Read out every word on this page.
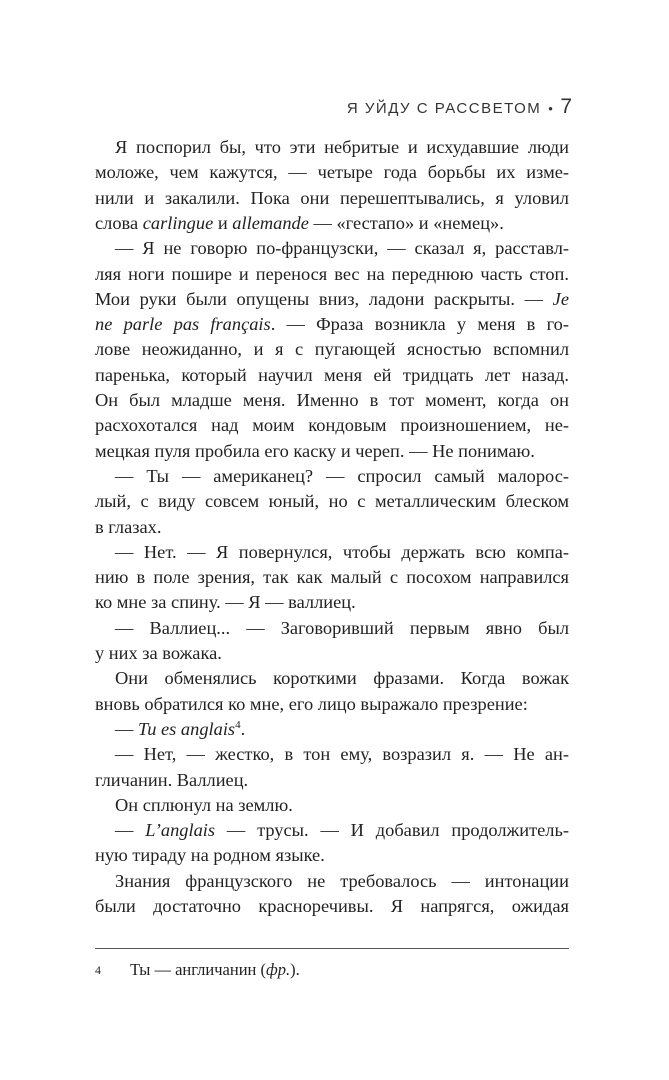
Я УЙДУ С РАССВЕТОМ • 7
Я поспорил бы, что эти небритые и исхудавшие люди
моложе, чем кажутся, — четыре года борьбы их изме-
нили и закалили. Пока они перешептывались, я уловил
слова carlingue и allemande — «гестапо» и «немец».
— Я не говорю по-французски, — сказал я, расставл-
ляя ноги пошире и перенося вес на переднюю часть стоп.
Мои руки были опущены вниз, ладони раскрыты. — Je
ne parle pas français. — Фраза возникла у меня в го-
лове неожиданно, и я с пугающей ясностью вспомнил
паренька, который научил меня ей тридцать лет назад.
Он был младше меня. Именно в тот момент, когда он
расхохотался над моим кондовым произношением, не-
мецкая пуля пробила его каску и череп. — Не понимаю.
— Ты — американец? — спросил самый малорос-
лый, с виду совсем юный, но с металлическим блеском
в глазах.
— Нет. — Я повернулся, чтобы держать всю компа-
нию в поле зрения, так как малый с посохом направился
ко мне за спину. — Я — валлиец.
— Валлиец... — Заговоривший первым явно был
у них за вожака.
Они обменялись короткими фразами. Когда вожак
вновь обратился ко мне, его лицо выражало презрение:
— Tu es anglais$^4$.
— Нет, — жестко, в тон ему, возразил я. — Не ан-
гличанин. Валлиец.
Он сплюнул на землю.
— L’anglais — трусы. — И добавил продолжитель-
ную тираду на родном языке.
Знания французского не требовалось — интонации
были достаточно красноречивы. Я напрягся, ожидая
4 Ты — англичанин (фр.).
